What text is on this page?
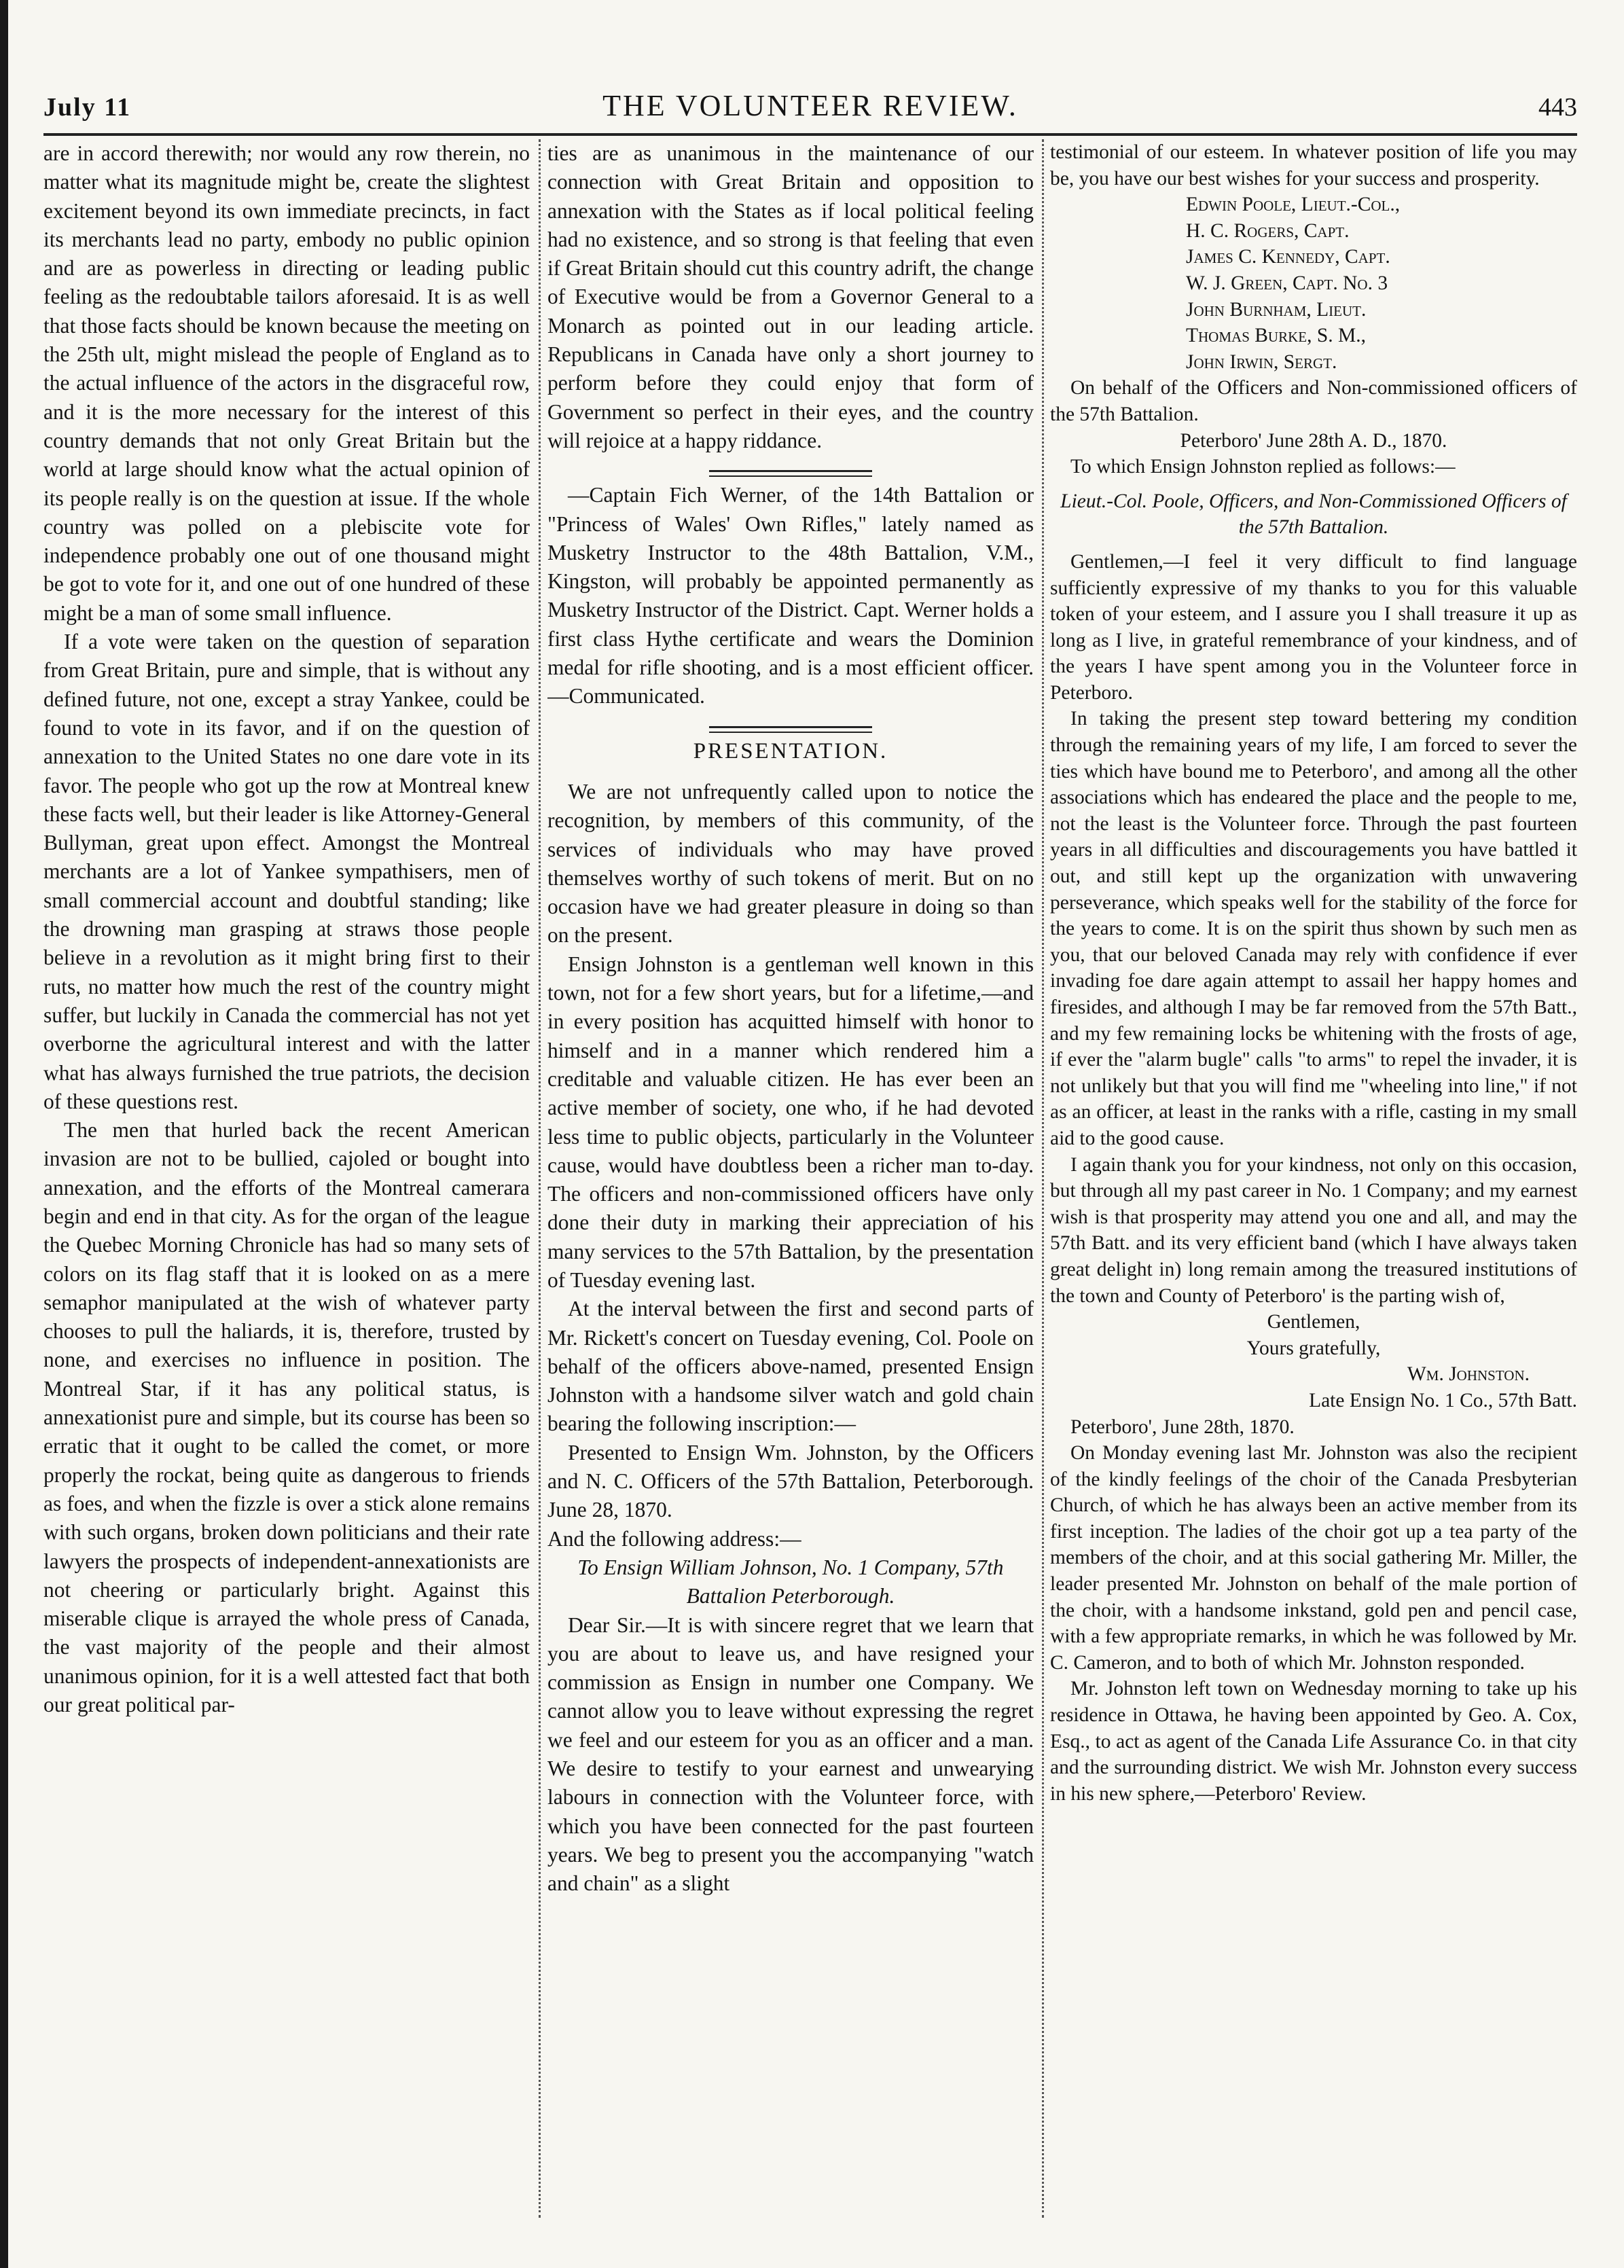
July 11	THE VOLUNTEER REVIEW.	443

are in accord therewith; nor would any row therein, no matter what its magnitude might be, create the slightest excitement beyond its own immediate precincts, in fact its merchants lead no party, embody no public opinion and are as powerless in directing or leading public feeling as the redoubtable tailors aforesaid. It is as well that those facts should be known because the meeting on the 25th ult, might mislead the people of England as to the actual influence of the actors in the disgraceful row, and it is the more necessary for the interest of this country demands that not only Great Britain but the world at large should know what the actual opinion of its people really is on the question at issue. If the whole country was polled on a plebiscite vote for independence probably one out of one thousand might be got to vote for it, and one out of one hundred of these might be a man of some small influence.

If a vote were taken on the question of separation from Great Britain, pure and simple, that is without any defined future, not one, except a stray Yankee, could be found to vote in its favor, and if on the question of annexation to the United States no one dare vote in its favor. The people who got up the row at Montreal knew these facts well, but their leader is like Attorney-General Bullyman, great upon effect. Amongst the Montreal merchants are a lot of Yankee sympathisers, men of small commercial account and doubtful standing; like the drowning man grasping at straws those people believe in a revolution as it might bring first to their ruts, no matter how much the rest of the country might suffer, but luckily in Canada the commercial has not yet overborne the agricultural interest and with the latter what has always furnished the true patriots, the decision of these questions rest.

The men that hurled back the recent American invasion are not to be bullied, cajoled or bought into annexation, and the efforts of the Montreal camerara begin and end in that city. As for the organ of the league the Quebec Morning Chronicle has had so many sets of colors on its flag staff that it is looked on as a mere semaphor manipulated at the wish of whatever party chooses to pull the haliards, it is, therefore, trusted by none, and exercises no influence in position. The Montreal Star, if it has any political status, is annexationist pure and simple, but its course has been so erratic that it ought to be called the comet, or more properly the rockat, being quite as dangerous to friends as foes, and when the fizzle is over a stick alone remains with such organs, broken down politicians and their rate lawyers the prospects of independent-annexationists are not cheering or particularly bright. Against this miserable clique is arrayed the whole press of Canada, the vast majority of the people and their almost unanimous opinion, for it is a well attested fact that both our great political par-

ties are as unanimous in the maintenance of our connection with Great Britain and opposition to annexation with the States as if local political feeling had no existence, and so strong is that feeling that even if Great Britain should cut this country adrift, the change of Executive would be from a Governor General to a Monarch as pointed out in our leading article. Republicans in Canada have only a short journey to perform before they could enjoy that form of Government so perfect in their eyes, and the country will rejoice at a happy riddance.

—Captain Fich Werner, of the 14th Battalion or "Princess of Wales' Own Rifles," lately named as Musketry Instructor to the 48th Battalion, V.M., Kingston, will probably be appointed permanently as Musketry Instructor of the District. Capt. Werner holds a first class Hythe certificate and wears the Dominion medal for rifle shooting, and is a most efficient officer.—Communicated.

PRESENTATION.

We are not unfrequently called upon to notice the recognition, by members of this community, of the services of individuals who may have proved themselves worthy of such tokens of merit. But on no occasion have we had greater pleasure in doing so than on the present.

Ensign Johnston is a gentleman well known in this town, not for a few short years, but for a lifetime,—and in every position has acquitted himself with honor to himself and in a manner which rendered him a creditable and valuable citizen. He has ever been an active member of society, one who, if he had devoted less time to public objects, particularly in the Volunteer cause, would have doubtless been a richer man to-day. The officers and non-commissioned officers have only done their duty in marking their appreciation of his many services to the 57th Battalion, by the presentation of Tuesday evening last.

At the interval between the first and second parts of Mr. Rickett's concert on Tuesday evening, Col. Poole on behalf of the officers above-named, presented Ensign Johnston with a handsome silver watch and gold chain bearing the following inscription:—

Presented to Ensign Wm. Johnston, by the Officers and N. C. Officers of the 57th Battalion, Peterborough. June 28, 1870.

And the following address:—

To Ensign William Johnson, No. 1 Company, 57th Battalion Peterborough.

Dear Sir.—It is with sincere regret that we learn that you are about to leave us, and have resigned your commission as Ensign in number one Company. We cannot allow you to leave without expressing the regret we feel and our esteem for you as an officer and a man. We desire to testify to your earnest and unwearying labours in connection with the Volunteer force, with which you have been connected for the past fourteen years. We beg to present you the accompanying "watch and chain" as a slight

testimonial of our esteem. In whatever position of life you may be, you have our best wishes for your success and prosperity.

Edwin Poole, Lieut.-Col.,
H. C. Rogers, Capt.
James C. Kennedy, Capt.
W. J. Green, Capt. No. 3
John Burnham, Lieut.
Thomas Burke, S. M.,
John Irwin, Sergt.

On behalf of the Officers and Non-commissioned officers of the 57th Battalion.

Peterboro' June 28th A. D., 1870.

To which Ensign Johnston replied as follows:—

Lieut.-Col. Poole, Officers, and Non-Commissioned Officers of the 57th Battalion.

Gentlemen,—I feel it very difficult to find language sufficiently expressive of my thanks to you for this valuable token of your esteem, and I assure you I shall treasure it up as long as I live, in grateful remembrance of your kindness, and of the years I have spent among you in the Volunteer force in Peterboro.

In taking the present step toward bettering my condition through the remaining years of my life, I am forced to sever the ties which have bound me to Peterboro', and among all the other associations which has endeared the place and the people to me, not the least is the Volunteer force. Through the past fourteen years in all difficulties and discouragements you have battled it out, and still kept up the organization with unwavering perseverance, which speaks well for the stability of the force for the years to come. It is on the spirit thus shown by such men as you, that our beloved Canada may rely with confidence if ever invading foe dare again attempt to assail her happy homes and firesides, and although I may be far removed from the 57th Batt., and my few remaining locks be whitening with the frosts of age, if ever the "alarm bugle" calls "to arms" to repel the invader, it is not unlikely but that you will find me "wheeling into line," if not as an officer, at least in the ranks with a rifle, casting in my small aid to the good cause.

I again thank you for your kindness, not only on this occasion, but through all my past career in No. 1 Company; and my earnest wish is that prosperity may attend you one and all, and may the 57th Batt. and its very efficient band (which I have always taken great delight in) long remain among the treasured institutions of the town and County of Peterboro' is the parting wish of,

Gentlemen,
Yours gratefully,
Wm. Johnston.
Late Ensign No. 1 Co., 57th Batt.

Peterboro', June 28th, 1870.

On Monday evening last Mr. Johnston was also the recipient of the kindly feelings of the choir of the Canada Presbyterian Church, of which he has always been an active member from its first inception. The ladies of the choir got up a tea party of the members of the choir, and at this social gathering Mr. Miller, the leader presented Mr. Johnston on behalf of the male portion of the choir, with a handsome inkstand, gold pen and pencil case, with a few appropriate remarks, in which he was followed by Mr. C. Cameron, and to both of which Mr. Johnston responded.

Mr. Johnston left town on Wednesday morning to take up his residence in Ottawa, he having been appointed by Geo. A. Cox, Esq., to act as agent of the Canada Life Assurance Co. in that city and the surrounding district. We wish Mr. Johnston every success in his new sphere,—Peterboro' Review.
